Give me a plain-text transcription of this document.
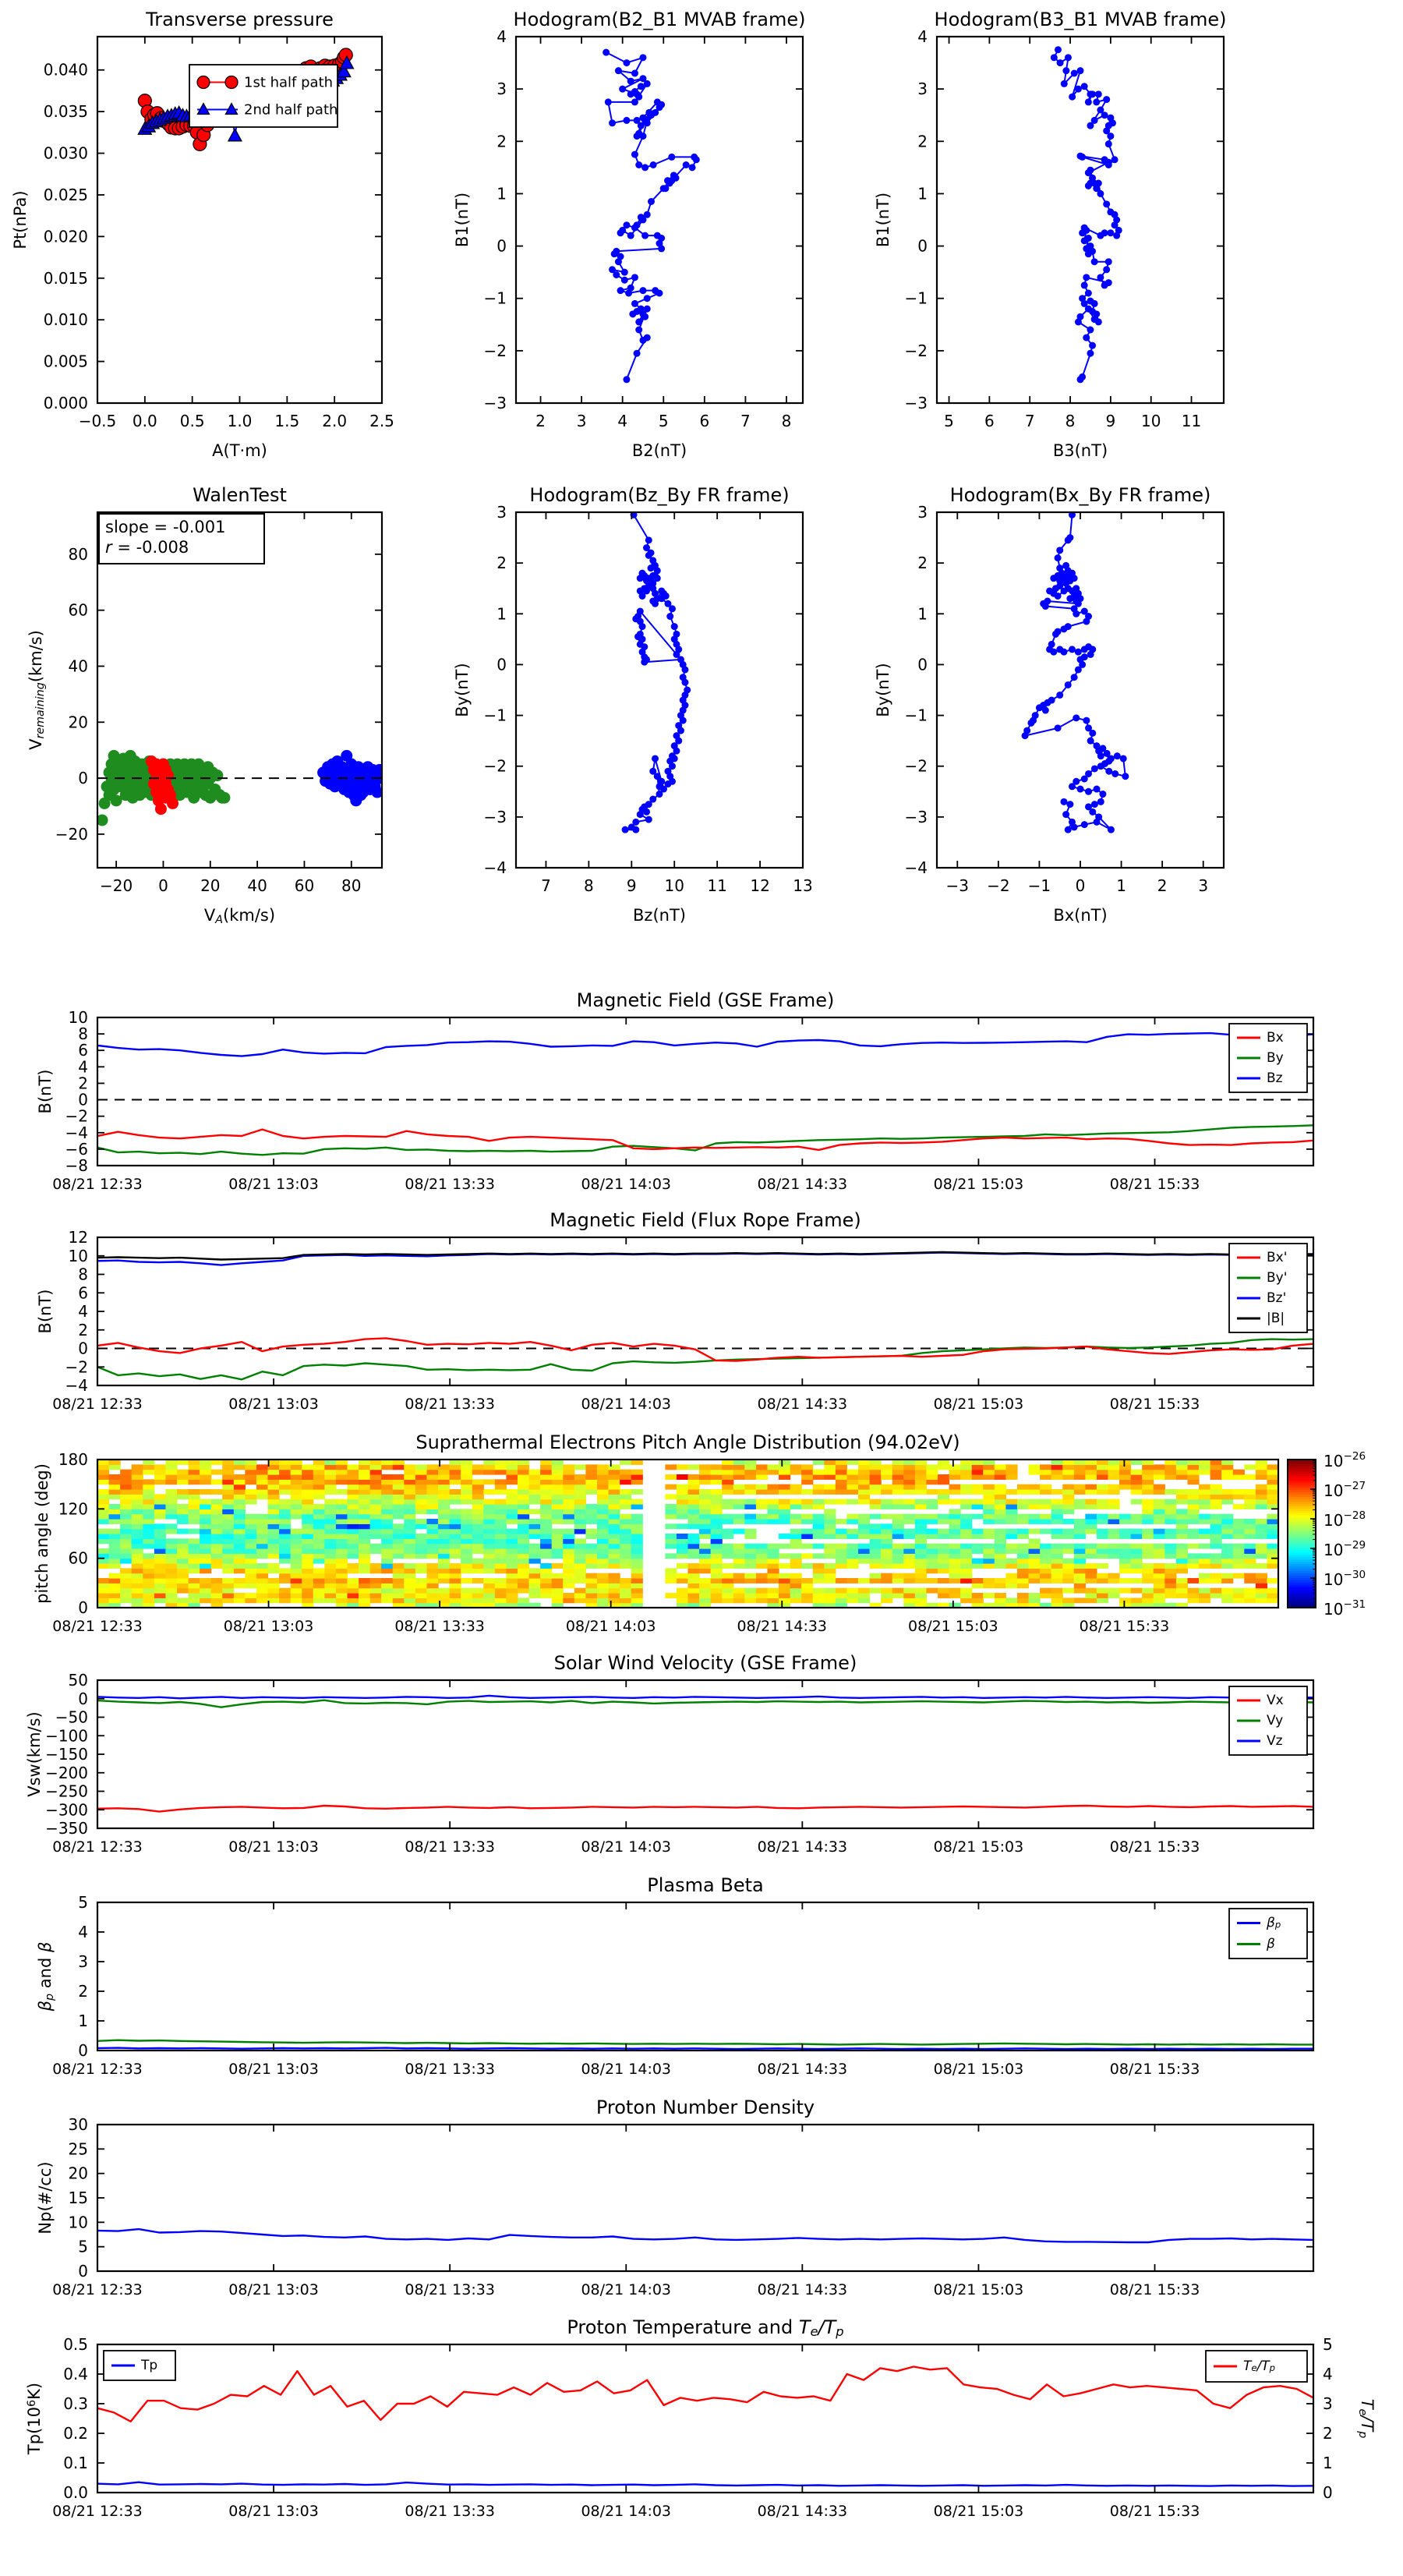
−0.5 0.0 0.5 1.0 1.5 2.0 2.5
0.000
0.005
0.010
0.015
0.020
0.025
0.030
0.035
0.040
Transverse pressure
A(T·m)
Pt(nPa)
1st half path
2nd half path
2 3 4 5 6 7 8
−3
−2
−1
0
1
2
3
4
Hodogram(B2_B1 MVAB frame)
B2(nT)
B1(nT)
5 6 7 8 9 10 11
−3
−2
−1
0
1
2
3
4
Hodogram(B3_B1 MVAB frame)
B3(nT)
B1(nT)
−20 0 20 40 60 80
−20
0
20
40
60
80
WalenTest
VA(km/s)
Vremaining(km/s)
slope = -0.001
r = -0.008
7 8 9 10 11 12 13
−4
−3
−2
−1
0
1
2
3
Hodogram(Bz_By FR frame)
Bz(nT)
By(nT)
−3 −2 −1 0 1 2 3
−4
−3
−2
−1
0
1
2
3
Hodogram(Bx_By FR frame)
Bx(nT)
By(nT)
08/21 12:33	08/21 13:03	08/21 13:33	08/21 14:03	08/21 14:33	08/21 15:03	08/21 15:33
−8
−6
−4
−2
0
2
4
6
8
10
Magnetic Field (GSE Frame)
B(nT)
Bx
By
Bz
08/21 12:33	08/21 13:03	08/21 13:33	08/21 14:03	08/21 14:33	08/21 15:03	08/21 15:33
−4
−2
0
2
4
6
8
10
12
Magnetic Field (Flux Rope Frame)
B(nT)
Bx'
By'
Bz'
|B|
08/21 12:33	08/21 13:03	08/21 13:33	08/21 14:03	08/21 14:33	08/21 15:03	08/21 15:33
0
60
120
180
Suprathermal Electrons Pitch Angle Distribution (94.02eV)
pitch angle (deg)
10−26
10−27
10−28
10−29
10−30
10−31
08/21 12:33	08/21 13:03	08/21 13:33	08/21 14:03	08/21 14:33	08/21 15:03	08/21 15:33
−350
−300
−250
−200
−150
−100
−50
0
50
Solar Wind Velocity (GSE Frame)
Vsw(km/s)
Vx
Vy
Vz
08/21 12:33	08/21 13:03	08/21 13:33	08/21 14:03	08/21 14:33	08/21 15:03	08/21 15:33
0
1
2
3
4
5
Plasma Beta
βp and β
βp
β
08/21 12:33	08/21 13:03	08/21 13:33	08/21 14:03	08/21 14:33	08/21 15:03	08/21 15:33
0
5
10
15
20
25
30
Proton Number Density
Np(#/cc)
08/21 12:33	08/21 13:03	08/21 13:33	08/21 14:03	08/21 14:33	08/21 15:03	08/21 15:33
0.0
0.1
0.2
0.3
0.4
0.5
0
1
2
3
4
5
Te/Tp
Proton Temperature and Te/Tp
Tp(106K)
Tp	Te/Tp
